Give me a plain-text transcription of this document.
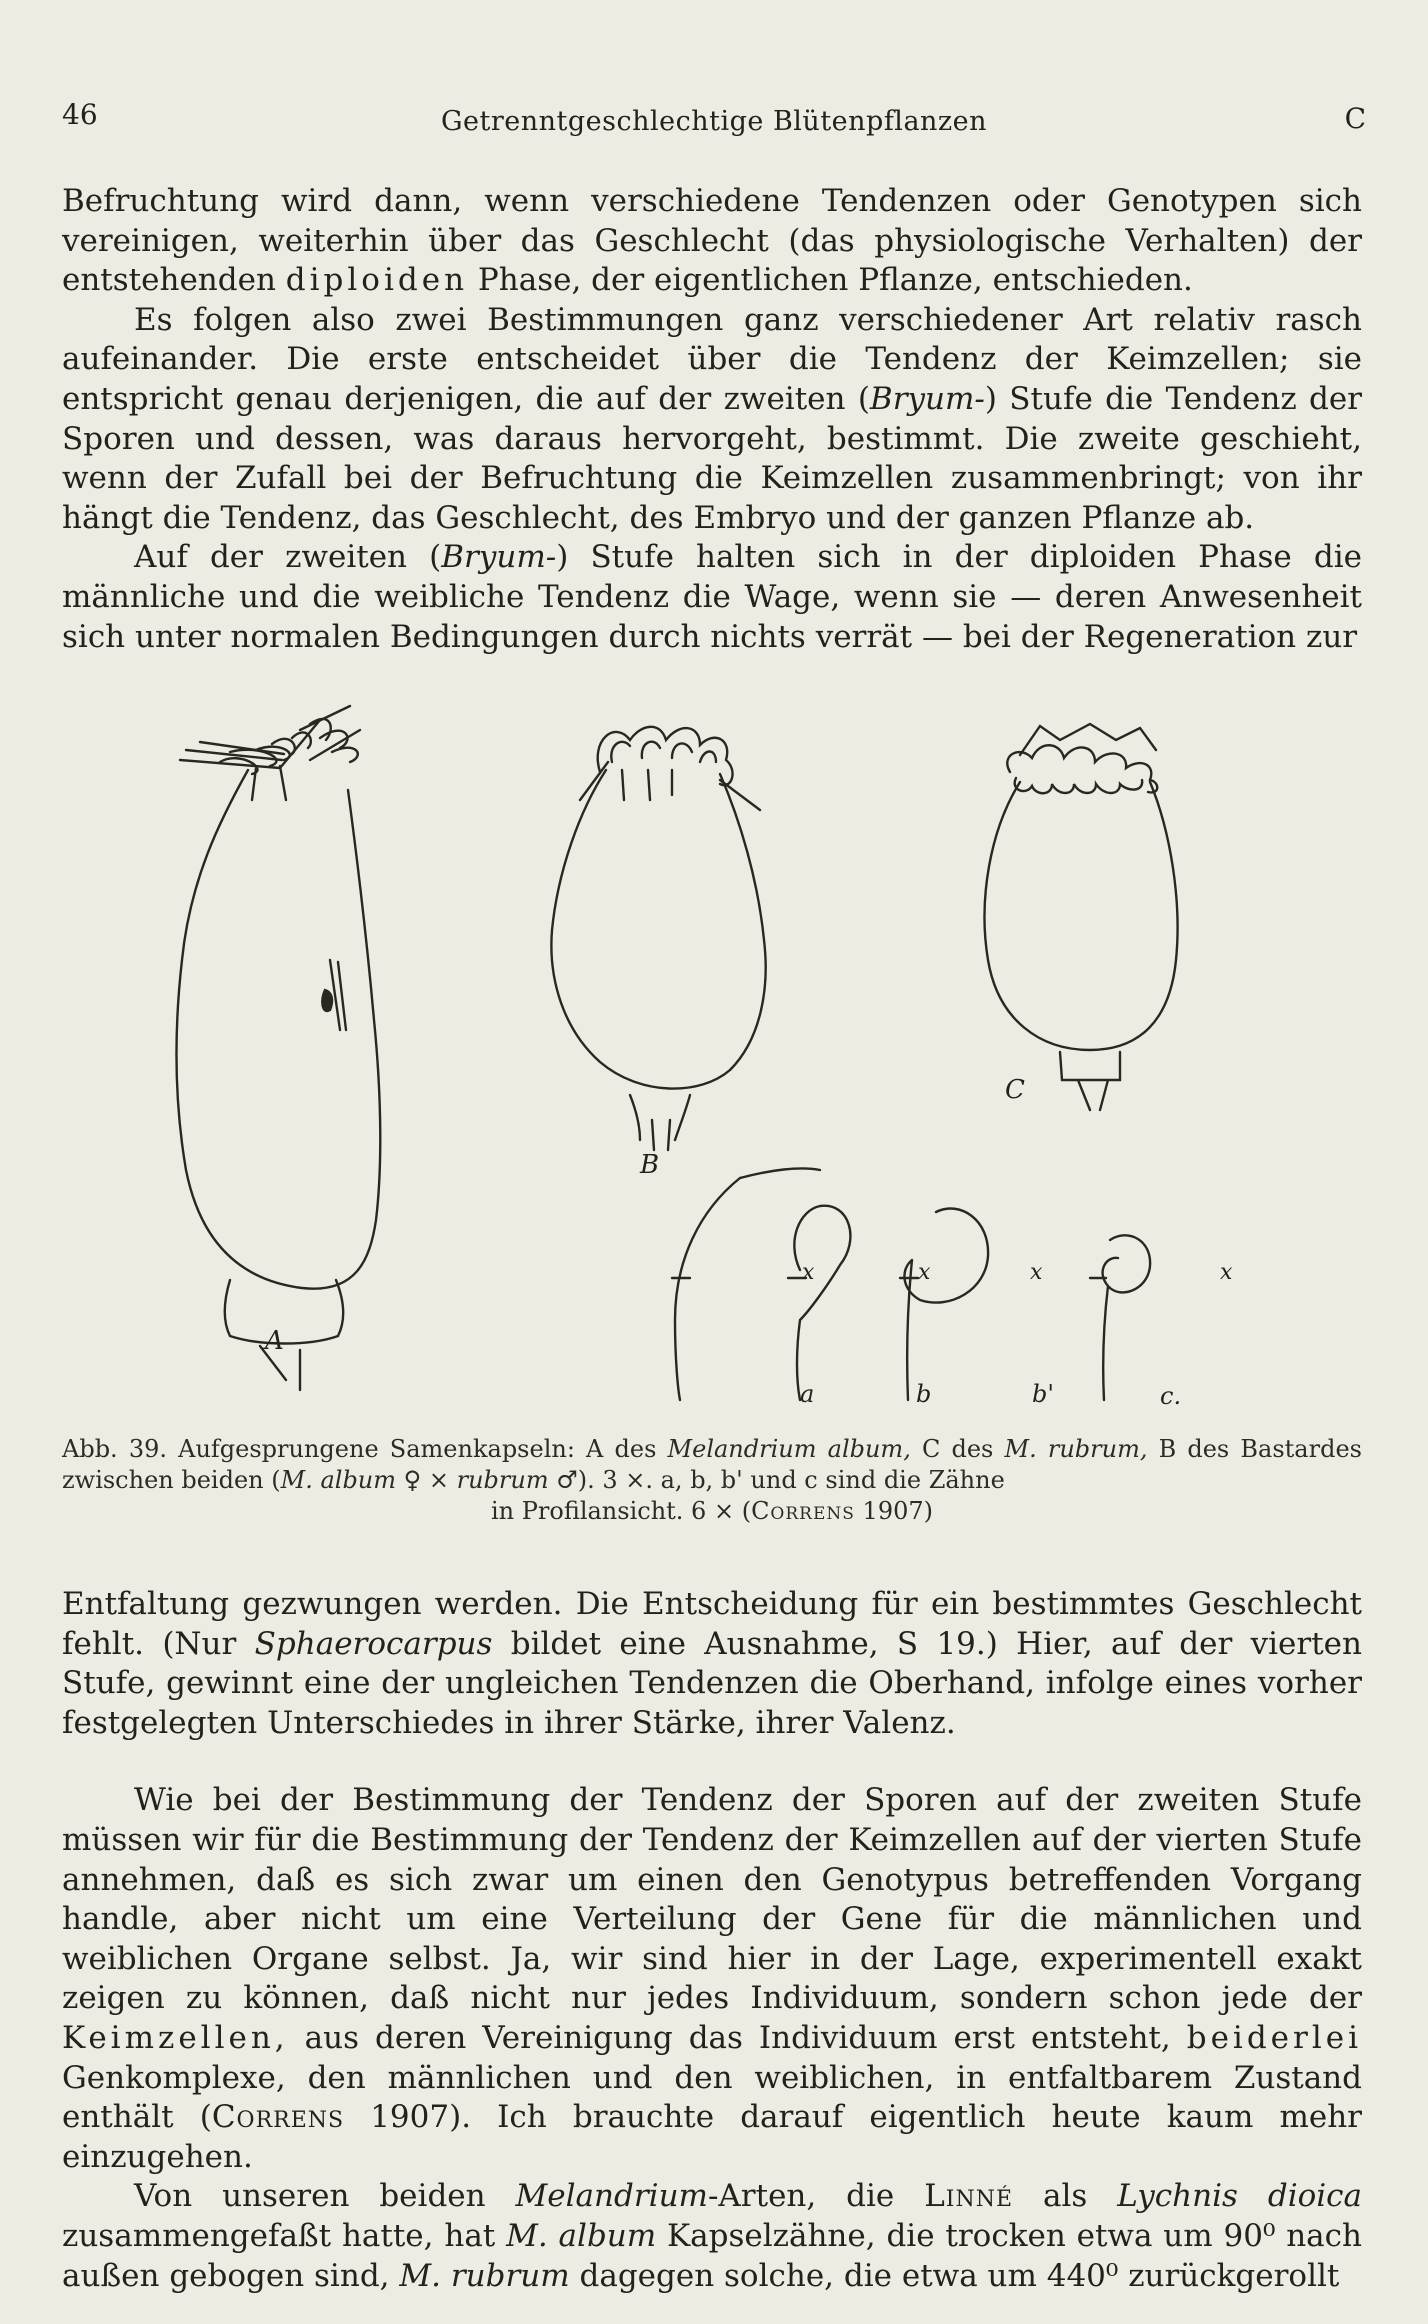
46	Getrenntgeschlechtige Blütenpflanzen	C

Befruchtung wird dann, wenn verschiedene Tendenzen oder Genotypen sich vereinigen, weiterhin über das Geschlecht (das physiologische Verhalten) der entstehenden diploiden Phase, der eigentlichen Pflanze, entschieden.

Es folgen also zwei Bestimmungen ganz verschiedener Art relativ rasch aufeinander. Die erste entscheidet über die Tendenz der Keimzellen; sie entspricht genau derjenigen, die auf der zweiten (Bryum-) Stufe die Tendenz der Sporen und dessen, was daraus hervorgeht, bestimmt. Die zweite geschieht, wenn der Zufall bei der Befruchtung die Keimzellen zusammenbringt; von ihr hängt die Tendenz, das Geschlecht, des Embryo und der ganzen Pflanze ab.

Auf der zweiten (Bryum-) Stufe halten sich in der diploiden Phase die männliche und die weibliche Tendenz die Wage, wenn sie — deren Anwesenheit sich unter normalen Bedingungen durch nichts verrät — bei der Regeneration zur

A
B
C
a	b	b'	c.
x	x	x	x
Abb. 39. Aufgesprungene Samenkapseln: A des Melandrium album, C des M. rubrum, B des Bastardes zwischen beiden (M. album ♀ × rubrum ♂). 3 ×. a, b, b' und c sind die Zähne
in Profilansicht. 6 × (Correns 1907)

Entfaltung gezwungen werden. Die Entscheidung für ein bestimmtes Geschlecht fehlt. (Nur Sphaerocarpus bildet eine Ausnahme, S 19.) Hier, auf der vierten Stufe, gewinnt eine der ungleichen Tendenzen die Oberhand, infolge eines vorher festgelegten Unterschiedes in ihrer Stärke, ihrer Valenz.

Wie bei der Bestimmung der Tendenz der Sporen auf der zweiten Stufe müssen wir für die Bestimmung der Tendenz der Keimzellen auf der vierten Stufe annehmen, daß es sich zwar um einen den Genotypus betreffenden Vorgang handle, aber nicht um eine Verteilung der Gene für die männlichen und weiblichen Organe selbst. Ja, wir sind hier in der Lage, experimentell exakt zeigen zu können, daß nicht nur jedes Individuum, sondern schon jede der Keimzellen, aus deren Vereinigung das Individuum erst entsteht, beiderlei Genkomplexe, den männlichen und den weiblichen, in entfaltbarem Zustand enthält (Correns 1907). Ich brauchte darauf eigentlich heute kaum mehr einzugehen.

Von unseren beiden Melandrium-Arten, die Linné als Lychnis dioica zusammengefaßt hatte, hat M. album Kapselzähne, die trocken etwa um 90⁰ nach außen gebogen sind, M. rubrum dagegen solche, die etwa um 440⁰ zurückgerollt
